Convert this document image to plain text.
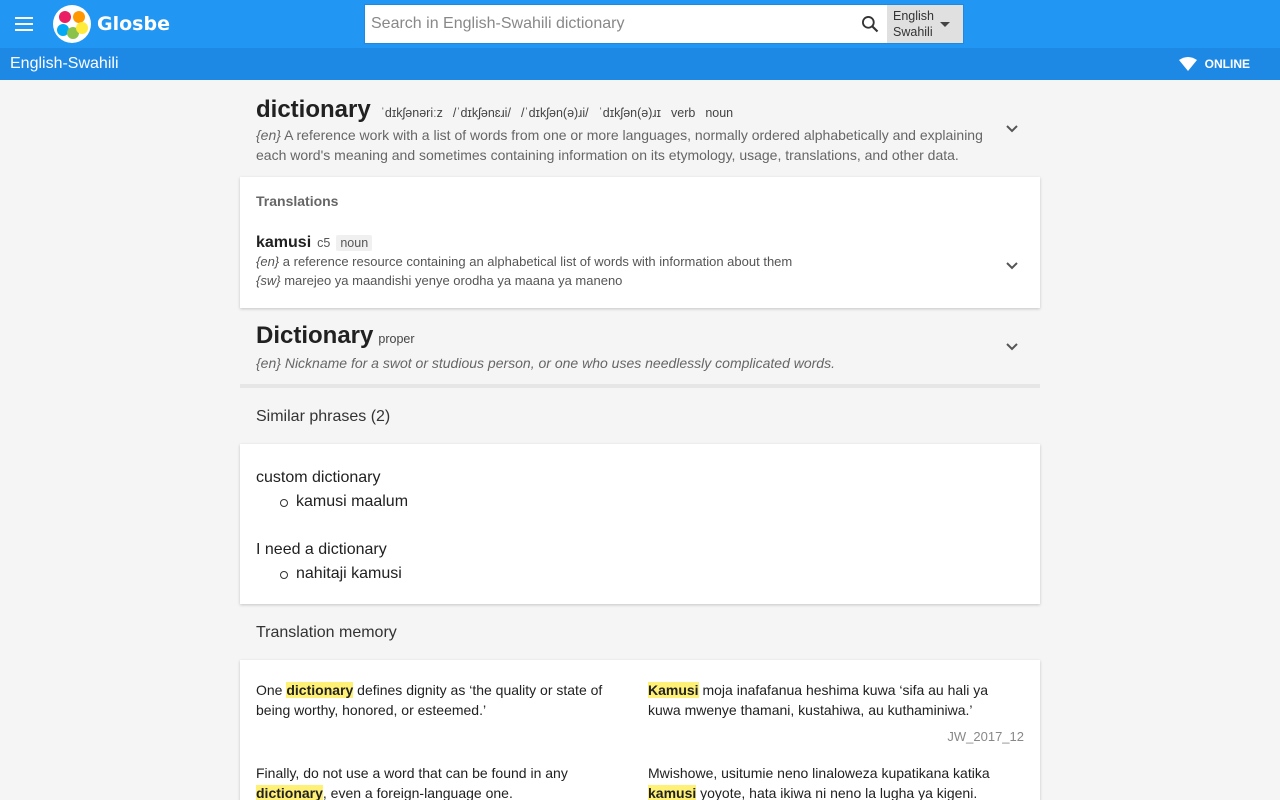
Glosbe
Search in English-Swahili dictionary	English
Swahili
English-Swahili	ONLINE
dictionary ˈdɪkʃənəriːz /ˈdɪkʃənɛɹi/ /ˈdɪkʃən(ə)ɹi/ ˈdɪkʃən(ə)ɹɪ verb noun
{en} A reference work with a list of words from one or more languages, normally ordered alphabetically and explaining each word's meaning and sometimes containing information on its etymology, usage, translations, and other data.
Translations
kamusi c5 noun
{en} a reference resource containing an alphabetical list of words with information about them
{sw} marejeo ya maandishi yenye orodha ya maana ya maneno
Dictionary proper
{en} Nickname for a swot or studious person, or one who uses needlessly complicated words.
Similar phrases (2)
custom dictionary
kamusi maalum
I need a dictionary
nahitaji kamusi
Translation memory
One dictionary defines dignity as ‘the quality or state of being worthy, honored, or esteemed.’
Kamusi moja inafafanua heshima kuwa ‘sifa au hali ya kuwa mwenye thamani, kustahiwa, au kuthaminiwa.’
JW_2017_12
Finally, do not use a word that can be found in any dictionary, even a foreign-language one.
Mwishowe, usitumie neno linaloweza kupatikana katika kamusi yoyote, hata ikiwa ni neno la lugha ya kigeni.
